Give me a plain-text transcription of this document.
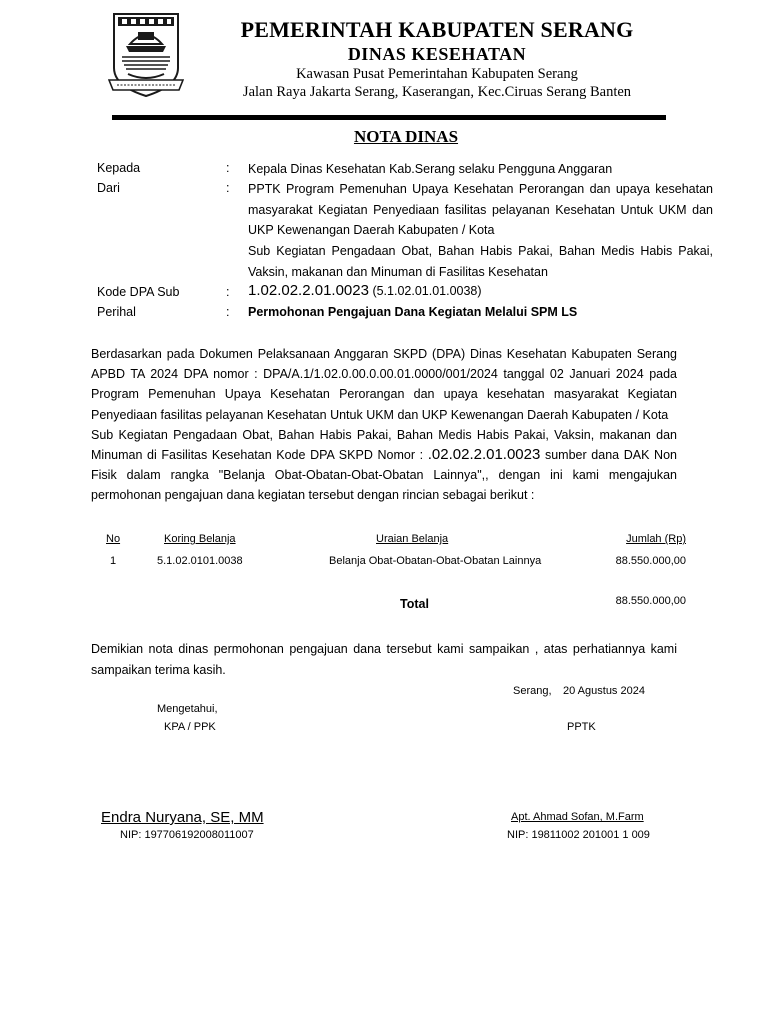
PEMERINTAH KABUPATEN SERANG
DINAS KESEHATAN
Kawasan Pusat Pemerintahan Kabupaten Serang
Jalan Raya Jakarta Serang, Kaserangan, Kec.Ciruas Serang Banten
NOTA DINAS
Kepada	: Kepala Dinas Kesehatan Kab.Serang selaku Pengguna Anggaran
Dari	: PPTK Program Pemenuhan Upaya Kesehatan Perorangan dan upaya kesehatan masyarakat Kegiatan Penyediaan fasilitas pelayanan Kesehatan Untuk UKM dan UKP Kewenangan Daerah Kabupaten / Kota
Sub Kegiatan Pengadaan Obat, Bahan Habis Pakai, Bahan Medis Habis Pakai, Vaksin, makanan dan Minuman di Fasilitas Kesehatan
Kode DPA Sub	: 1.02.02.2.01.0023 (5.1.02.01.01.0038)
Perihal	: Permohonan Pengajuan Dana Kegiatan Melalui SPM LS
Berdasarkan pada Dokumen Pelaksanaan Anggaran SKPD (DPA) Dinas Kesehatan Kabupaten Serang APBD TA 2024 DPA nomor : DPA/A.1/1.02.0.00.0.00.01.0000/001/2024 tanggal 02 Januari 2024 pada Program Pemenuhan Upaya Kesehatan Perorangan dan upaya kesehatan masyarakat Kegiatan Penyediaan fasilitas pelayanan Kesehatan Untuk UKM dan UKP Kewenangan Daerah Kabupaten / Kota
Sub Kegiatan Pengadaan Obat, Bahan Habis Pakai, Bahan Medis Habis Pakai, Vaksin, makanan dan Minuman di Fasilitas Kesehatan Kode DPA SKPD Nomor : .02.02.2.01.0023 sumber dana DAK Non Fisik dalam rangka "Belanja Obat-Obatan-Obat-Obatan Lainnya",, dengan ini kami mengajukan permohonan pengajuan dana kegiatan tersebut dengan rincian sebagai berikut :
No	Koring Belanja	Uraian Belanja	Jumlah (Rp)
1	5.1.02.0101.0038	Belanja Obat-Obatan-Obat-Obatan Lainnya	88.550.000,00
Total	88.550.000,00
Demikian nota dinas permohonan pengajuan dana tersebut kami sampaikan , atas perhatiannya kami sampaikan terima kasih.
Serang, 20 Agustus 2024
Mengetahui,
KPA / PPK	PPTK
Endra Nuryana, SE, MM
NIP: 197706192008011007
Apt. Ahmad Sofan, M.Farm
NIP: 19811002 201001 1 009
